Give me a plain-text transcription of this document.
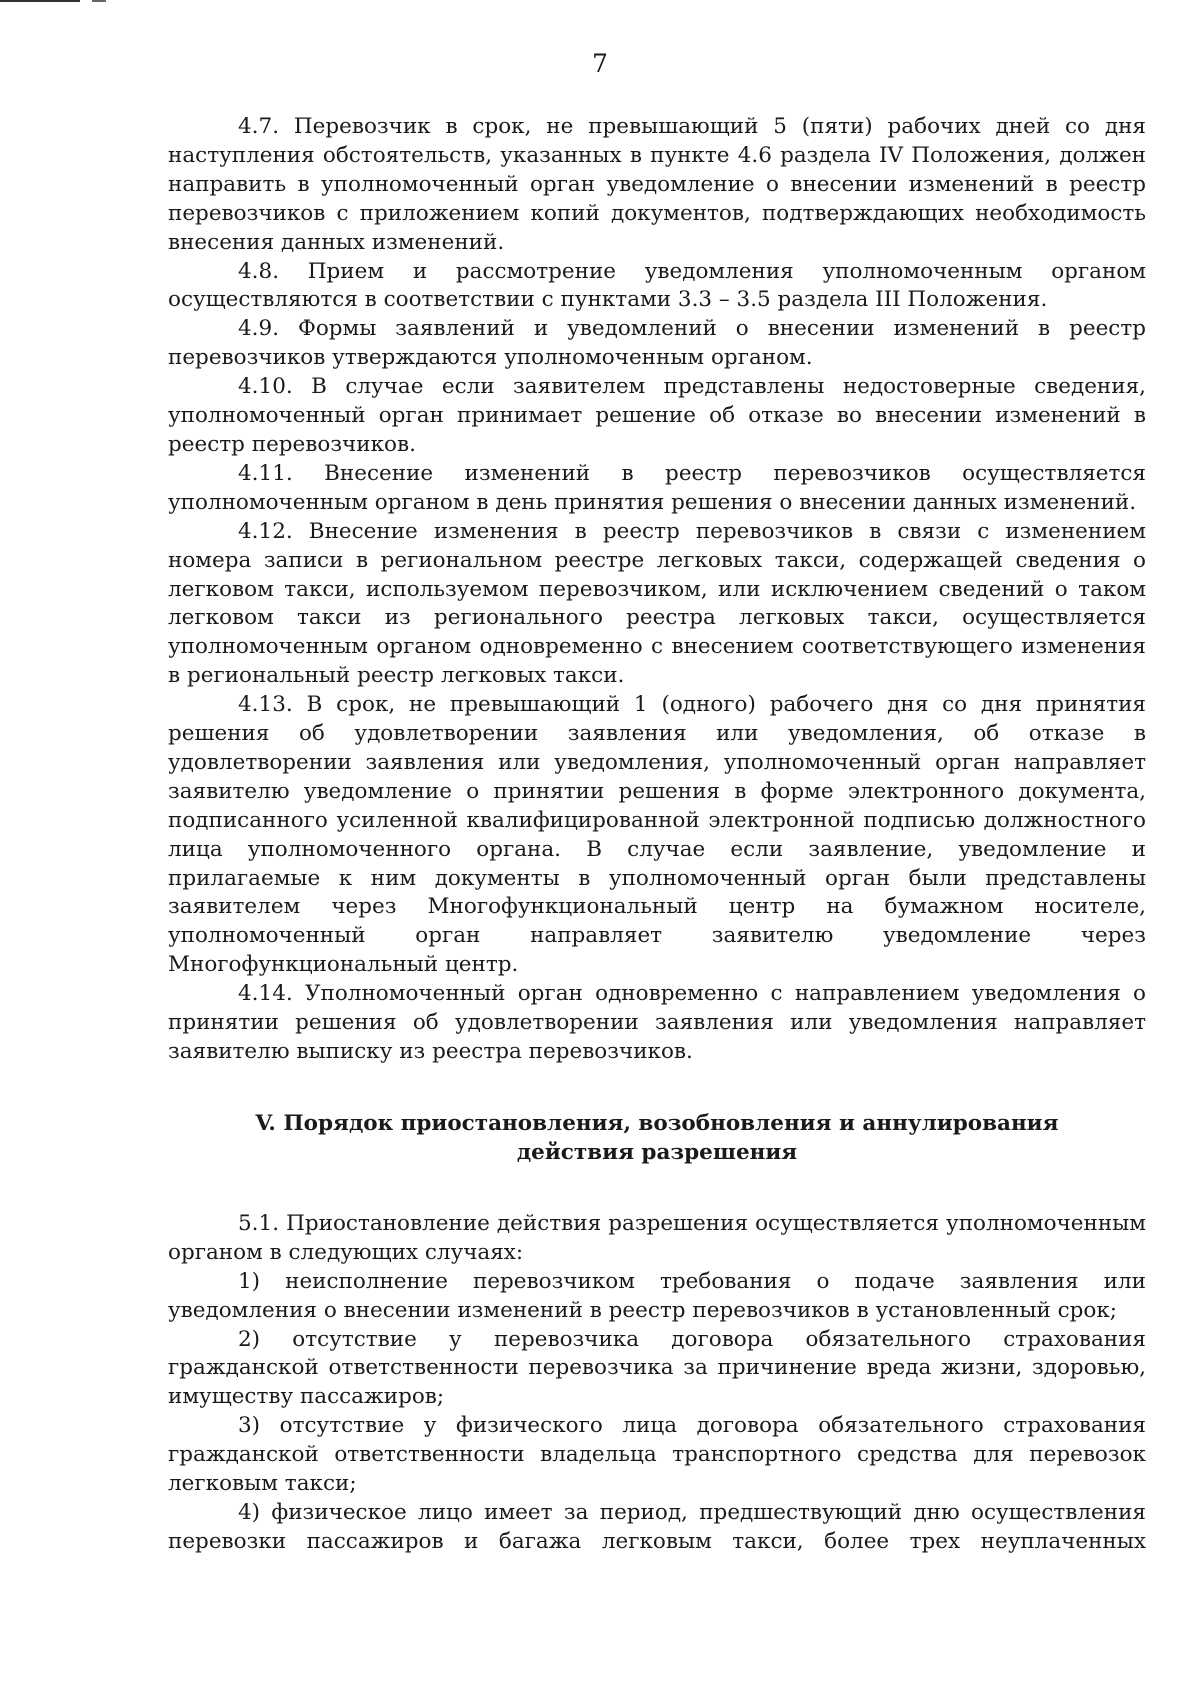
7

4.7. Перевозчик в срок, не превышающий 5 (пяти) рабочих дней со дня наступления обстоятельств, указанных в пункте 4.6 раздела IV Положения, должен направить в уполномоченный орган уведомление о внесении изменений в реестр перевозчиков с приложением копий документов, подтверждающих необходимость внесения данных изменений.

4.8. Прием и рассмотрение уведомления уполномоченным органом осуществляются в соответствии с пунктами 3.3 – 3.5 раздела III Положения.

4.9. Формы заявлений и уведомлений о внесении изменений в реестр перевозчиков утверждаются уполномоченным органом.

4.10. В случае если заявителем представлены недостоверные сведения, уполномоченный орган принимает решение об отказе во внесении изменений в реестр перевозчиков.

4.11. Внесение изменений в реестр перевозчиков осуществляется уполномоченным органом в день принятия решения о внесении данных изменений.

4.12. Внесение изменения в реестр перевозчиков в связи с изменением номера записи в региональном реестре легковых такси, содержащей сведения о легковом такси, используемом перевозчиком, или исключением сведений о таком легковом такси из регионального реестра легковых такси, осуществляется уполномоченным органом одновременно с внесением соответствующего изменения в региональный реестр легковых такси.

4.13. В срок, не превышающий 1 (одного) рабочего дня со дня принятия решения об удовлетворении заявления или уведомления, об отказе в удовлетворении заявления или уведомления, уполномоченный орган направляет заявителю уведомление о принятии решения в форме электронного документа, подписанного усиленной квалифицированной электронной подписью должностного лица уполномоченного органа. В случае если заявление, уведомление и прилагаемые к ним документы в уполномоченный орган были представлены заявителем через Многофункциональный центр на бумажном носителе, уполномоченный орган направляет заявителю уведомление через Многофункциональный центр.

4.14. Уполномоченный орган одновременно с направлением уведомления о принятии решения об удовлетворении заявления или уведомления направляет заявителю выписку из реестра перевозчиков.

V. Порядок приостановления, возобновления и аннулирования
действия разрешения

5.1. Приостановление действия разрешения осуществляется уполномоченным органом в следующих случаях:

1) неисполнение перевозчиком требования о подаче заявления или уведомления о внесении изменений в реестр перевозчиков в установленный срок;

2) отсутствие у перевозчика договора обязательного страхования гражданской ответственности перевозчика за причинение вреда жизни, здоровью, имуществу пассажиров;

3) отсутствие у физического лица договора обязательного страхования гражданской ответственности владельца транспортного средства для перевозок легковым такси;

4) физическое лицо имеет за период, предшествующий дню осуществления перевозки пассажиров и багажа легковым такси, более трех неуплаченных
